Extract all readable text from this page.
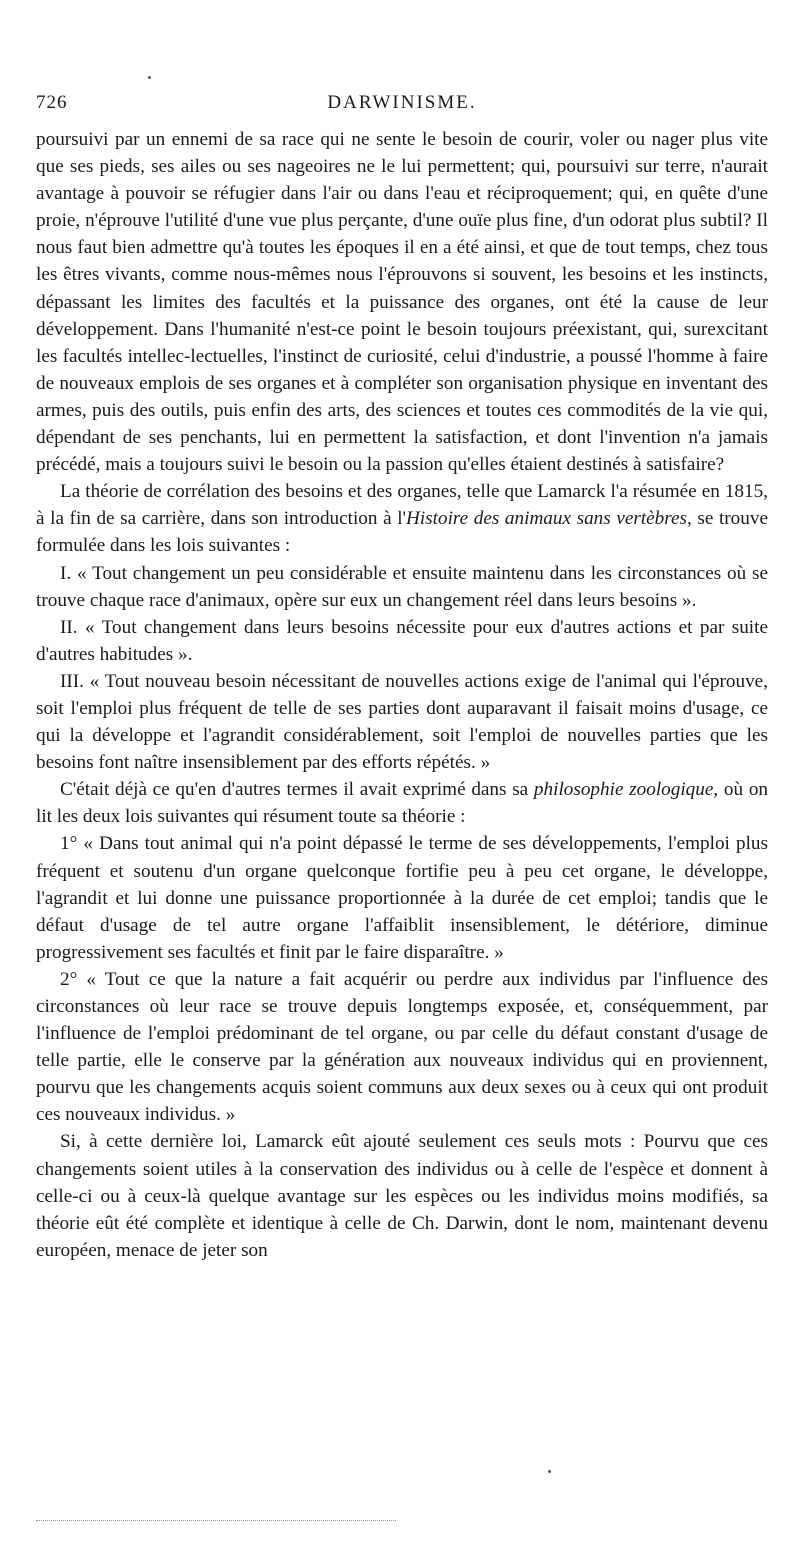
726	DARWINISME.

poursuivi par un ennemi de sa race qui ne sente le besoin de courir, voler ou nager plus vite que ses pieds, ses ailes ou ses nageoires ne le lui permettent; qui, poursuivi sur terre, n'aurait avantage à pouvoir se réfugier dans l'air ou dans l'eau et réciproquement; qui, en quête d'une proie, n'éprouve l'utilité d'une vue plus perçante, d'une ouïe plus fine, d'un odorat plus subtil? Il nous faut bien admettre qu'à toutes les époques il en a été ainsi, et que de tout temps, chez tous les êtres vivants, comme nous-mêmes nous l'éprouvons si souvent, les besoins et les instincts, dépassant les limites des facultés et la puissance des organes, ont été la cause de leur développement. Dans l'humanité n'est-ce point le besoin toujours préexistant, qui, surexcitant les facultés intellec-lectuelles, l'instinct de curiosité, celui d'industrie, a poussé l'homme à faire de nouveaux emplois de ses organes et à compléter son organisation physique en inventant des armes, puis des outils, puis enfin des arts, des sciences et toutes ces commodités de la vie qui, dépendant de ses penchants, lui en permettent la satisfaction, et dont l'invention n'a jamais précédé, mais a toujours suivi le besoin ou la passion qu'elles étaient destinés à satisfaire?

La théorie de corrélation des besoins et des organes, telle que Lamarck l'a résumée en 1815, à la fin de sa carrière, dans son introduction à l'Histoire des animaux sans vertèbres, se trouve formulée dans les lois suivantes :

I. « Tout changement un peu considérable et ensuite maintenu dans les circonstances où se trouve chaque race d'animaux, opère sur eux un changement réel dans leurs besoins ».

II. « Tout changement dans leurs besoins nécessite pour eux d'autres actions et par suite d'autres habitudes ».

III. « Tout nouveau besoin nécessitant de nouvelles actions exige de l'animal qui l'éprouve, soit l'emploi plus fréquent de telle de ses parties dont auparavant il faisait moins d'usage, ce qui la développe et l'agrandit considérablement, soit l'emploi de nouvelles parties que les besoins font naître insensiblement par des efforts répétés. »

C'était déjà ce qu'en d'autres termes il avait exprimé dans sa philosophie zoologique, où on lit les deux lois suivantes qui résument toute sa théorie :

1° « Dans tout animal qui n'a point dépassé le terme de ses développements, l'emploi plus fréquent et soutenu d'un organe quelconque fortifie peu à peu cet organe, le développe, l'agrandit et lui donne une puissance proportionnée à la durée de cet emploi; tandis que le défaut d'usage de tel autre organe l'affaiblit insensiblement, le détériore, diminue progressivement ses facultés et finit par le faire disparaître. »

2° « Tout ce que la nature a fait acquérir ou perdre aux individus par l'influence des circonstances où leur race se trouve depuis longtemps exposée, et, conséquemment, par l'influence de l'emploi prédominant de tel organe, ou par celle du défaut constant d'usage de telle partie, elle le conserve par la génération aux nouveaux individus qui en proviennent, pourvu que les changements acquis soient communs aux deux sexes ou à ceux qui ont produit ces nouveaux individus. »

Si, à cette dernière loi, Lamarck eût ajouté seulement ces seuls mots : Pourvu que ces changements soient utiles à la conservation des individus ou à celle de l'espèce et donnent à celle-ci ou à ceux-là quelque avantage sur les espèces ou les individus moins modifiés, sa théorie eût été complète et identique à celle de Ch. Darwin, dont le nom, maintenant devenu européen, menace de jeter son
